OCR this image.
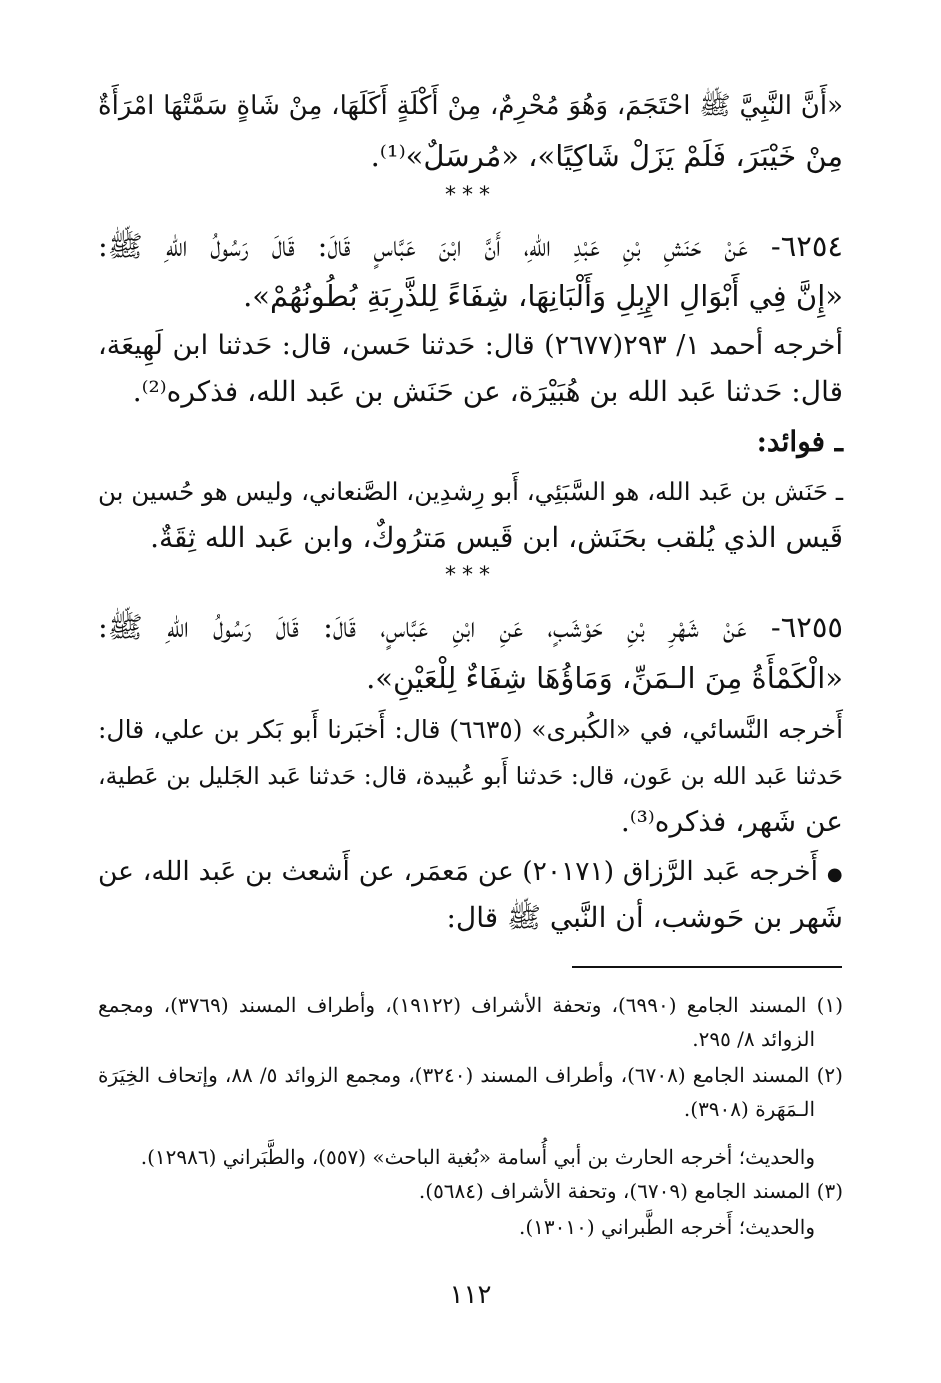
«أَنَّ النَّبِيَّ ﷺ احْتَجَمَ، وَهُوَ مُحْرِمٌ، مِنْ أَكْلَةٍ أَكَلَهَا، مِنْ شَاةٍ سَمَّتْهَا امْرَأَةٌ
مِنْ خَيْبَرَ، فَلَمْ يَزَلْ شَاكِيًا»، «مُرسَلٌ»⁽¹⁾.
***
٦٢٥٤- عَنْ حَنَشِ بْنِ عَبْدِ اللهِ، أَنَّ ابْنَ عَبَّاسٍ قَالَ: قَالَ رَسُولُ اللهِ ﷺ:
«إِنَّ فِي أَبْوَالِ الإِبِلِ وَأَلْبَانِهَا، شِفَاءً لِلذَّرِبَةِ بُطُونُهُمْ».
أخرجه أحمد ١/ ٢٩٣(٢٦٧٧) قال: حَدثنا حَسن، قال: حَدثنا ابن لَهِيعَة،
قال: حَدثنا عَبد الله بن هُبَيْرَة، عن حَنَش بن عَبد الله، فذكره⁽²⁾.
ـ فوائد:
ـ حَنَش بن عَبد الله، هو السَّبَئِي، أَبو رِشدِين، الصَّنعاني، وليس هو حُسين بن
قَيس الذي يُلقب بحَنَش، ابن قَيس مَترُوكٌ، وابن عَبد الله ثِقَةٌ.
***
٦٢٥٥- عَنْ شَهْرِ بْنِ حَوْشَبٍ، عَنِ ابْنِ عَبَّاسٍ، قَالَ: قَالَ رَسُولُ اللهِ ﷺ:
«الْكَمْأَةُ مِنَ الـمَنِّ، وَمَاؤُهَا شِفَاءٌ لِلْعَيْنِ».
أَخرجه النَّسائي، في «الكُبرى» (٦٦٣٥) قال: أَخبَرنا أَبو بَكر بن علي، قال:
حَدثنا عَبد الله بن عَون، قال: حَدثنا أَبو عُبيدة، قال: حَدثنا عَبد الجَليل بن عَطية،
عن شَهر، فذكره⁽³⁾.
● أَخرجه عَبد الرَّزاق (٢٠١٧١) عن مَعمَر، عن أَشعث بن عَبد الله، عن
شَهر بن حَوشب، أن النَّبي ﷺ قال:
(١) المسند الجامع (٦٩٩٠)، وتحفة الأشراف (١٩١٢٢)، وأطراف المسند (٣٧٦٩)، ومجمع
الزوائد ٨/ ٢٩٥.
(٢) المسند الجامع (٦٧٠٨)، وأطراف المسند (٣٢٤٠)، ومجمع الزوائد ٥/ ٨٨، وإتحاف الخِيَرَة
الـمَهَرة (٣٩٠٨).
والحديث؛ أخرجه الحارث بن أبي أُسامة «بُغية الباحث» (٥٥٧)، والطَّبَراني (١٢٩٨٦).
(٣) المسند الجامع (٦٧٠٩)، وتحفة الأشراف (٥٦٨٤).
والحديث؛ أَخرجه الطَّبراني (١٣٠١٠).
١١٢
